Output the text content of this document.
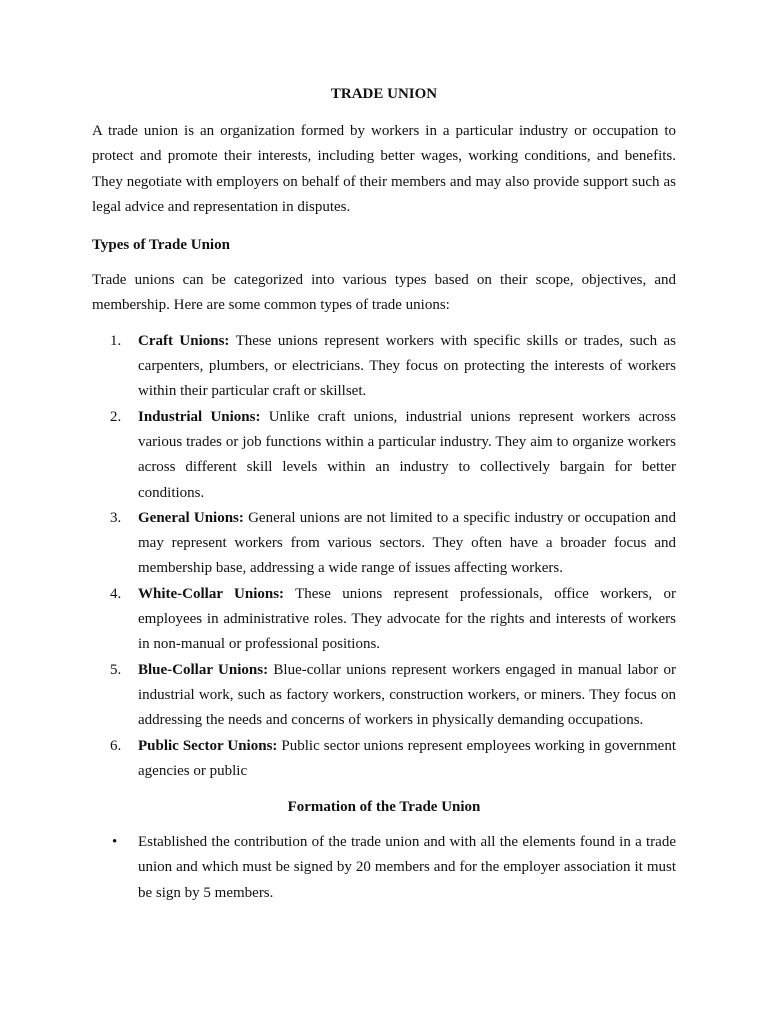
TRADE UNION

A trade union is an organization formed by workers in a particular industry or occupation to protect and promote their interests, including better wages, working conditions, and benefits. They negotiate with employers on behalf of their members and may also provide support such as legal advice and representation in disputes.

Types of Trade Union

Trade unions can be categorized into various types based on their scope, objectives, and membership. Here are some common types of trade unions:

1. Craft Unions: These unions represent workers with specific skills or trades, such as carpenters, plumbers, or electricians. They focus on protecting the interests of workers within their particular craft or skillset.
2. Industrial Unions: Unlike craft unions, industrial unions represent workers across various trades or job functions within a particular industry. They aim to organize workers across different skill levels within an industry to collectively bargain for better conditions.
3. General Unions: General unions are not limited to a specific industry or occupation and may represent workers from various sectors. They often have a broader focus and membership base, addressing a wide range of issues affecting workers.
4. White-Collar Unions: These unions represent professionals, office workers, or employees in administrative roles. They advocate for the rights and interests of workers in non-manual or professional positions.
5. Blue-Collar Unions: Blue-collar unions represent workers engaged in manual labor or industrial work, such as factory workers, construction workers, or miners. They focus on addressing the needs and concerns of workers in physically demanding occupations.
6. Public Sector Unions: Public sector unions represent employees working in government agencies or public
Formation of the Trade Union
• Established the contribution of the trade union and with all the elements found in a trade union and which must be signed by 20 members and for the employer association it must be sign by 5 members.
